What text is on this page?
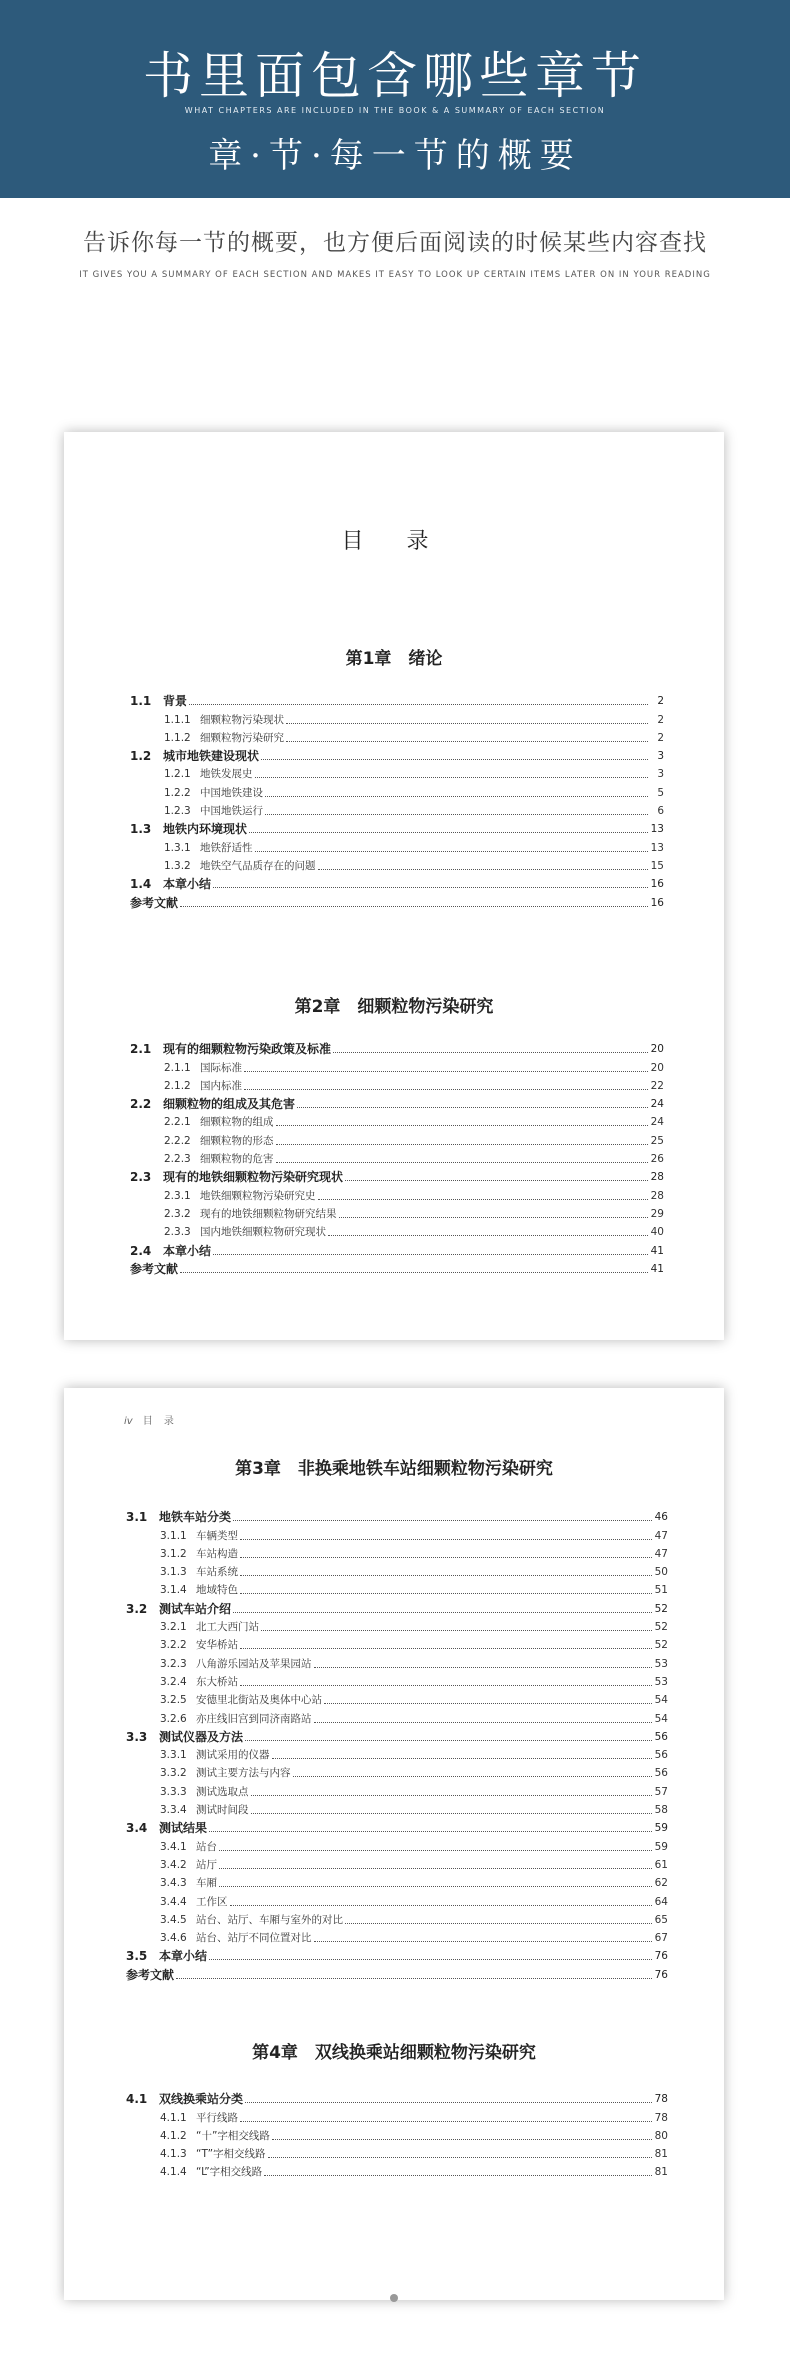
书里面包含哪些章节
WHAT CHAPTERS ARE INCLUDED IN THE BOOK & A SUMMARY OF EACH SECTION
章·节·每一节的概要
告诉你每一节的概要，也方便后面阅读的时候某些内容查找
IT GIVES YOU A SUMMARY OF EACH SECTION AND MAKES IT EASY TO LOOK UP CERTAIN ITEMS LATER ON IN YOUR READING
目 录
第1章　绪论
1.1 背景	2
1.1.1 细颗粒物污染现状	2
1.1.2 细颗粒物污染研究	2
1.2 城市地铁建设现状	3
1.2.1 地铁发展史	3
1.2.2 中国地铁建设	5
1.2.3 中国地铁运行	6
1.3 地铁内环境现状	13
1.3.1 地铁舒适性	13
1.3.2 地铁空气品质存在的问题	15
1.4 本章小结	16
参考文献	16
第2章　细颗粒物污染研究
2.1 现有的细颗粒物污染政策及标准	20
2.1.1 国际标准	20
2.1.2 国内标准	22
2.2 细颗粒物的组成及其危害	24
2.2.1 细颗粒物的组成	24
2.2.2 细颗粒物的形态	25
2.2.3 细颗粒物的危害	26
2.3 现有的地铁细颗粒物污染研究现状	28
2.3.1 地铁细颗粒物污染研究史	28
2.3.2 现有的地铁细颗粒物研究结果	29
2.3.3 国内地铁细颗粒物研究现状	40
2.4 本章小结	41
参考文献	41
iv 目 录
第3章　非换乘地铁车站细颗粒物污染研究
3.1 地铁车站分类	46
3.1.1 车辆类型	47
3.1.2 车站构造	47
3.1.3 车站系统	50
3.1.4 地域特色	51
3.2 测试车站介绍	52
3.2.1 北工大西门站	52
3.2.2 安华桥站	52
3.2.3 八角游乐园站及苹果园站	53
3.2.4 东大桥站	53
3.2.5 安德里北街站及奥体中心站	54
3.2.6 亦庄线旧宫到同济南路站	54
3.3 测试仪器及方法	56
3.3.1 测试采用的仪器	56
3.3.2 测试主要方法与内容	56
3.3.3 测试选取点	57
3.3.4 测试时间段	58
3.4 测试结果	59
3.4.1 站台	59
3.4.2 站厅	61
3.4.3 车厢	62
3.4.4 工作区	64
3.4.5 站台、站厅、车厢与室外的对比	65
3.4.6 站台、站厅不同位置对比	67
3.5 本章小结	76
参考文献	76
第4章　双线换乘站细颗粒物污染研究
4.1 双线换乘站分类	78
4.1.1 平行线路	78
4.1.2 “十”字相交线路	80
4.1.3 “T”字相交线路	81
4.1.4 “L”字相交线路	81
